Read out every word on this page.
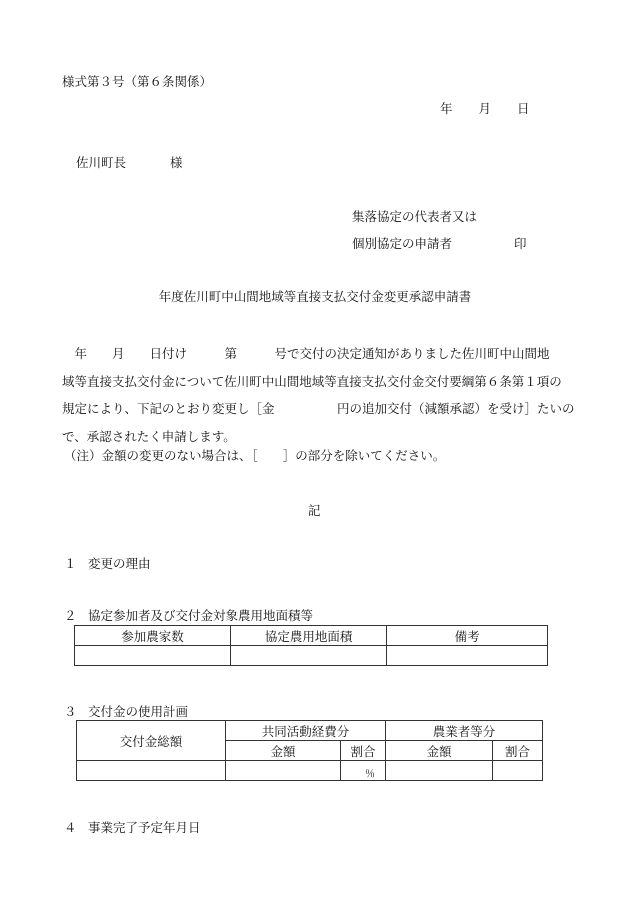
様式第３号（第６条関係）
年 月 日
佐川町長	様
集落協定の代表者又は
個別協定の申請者	印
年度佐川町中山間地域等直接支払交付金変更承認申請書
　年　　月　　日付け　　　第　　　号で交付の決定通知がありました佐川町中山間地
域等直接支払交付金について佐川町中山間地域等直接支払交付金交付要綱第６条第１項の
規定により、下記のとおり変更し［金　　　　　円の追加交付（減額承認）を受け］たいの
で、承認されたく申請します。
（注）金額の変更のない場合は、［　　］の部分を除いてください。
記
１ 変更の理由
２ 協定参加者及び交付金対象農用地面積等
参加農家数	協定農用地面積	備考

３ 交付金の使用計画
交付金総額	共同活動経費分		農業者等分	
	金額	割合	金額	割合
		％		
４ 事業完了予定年月日
